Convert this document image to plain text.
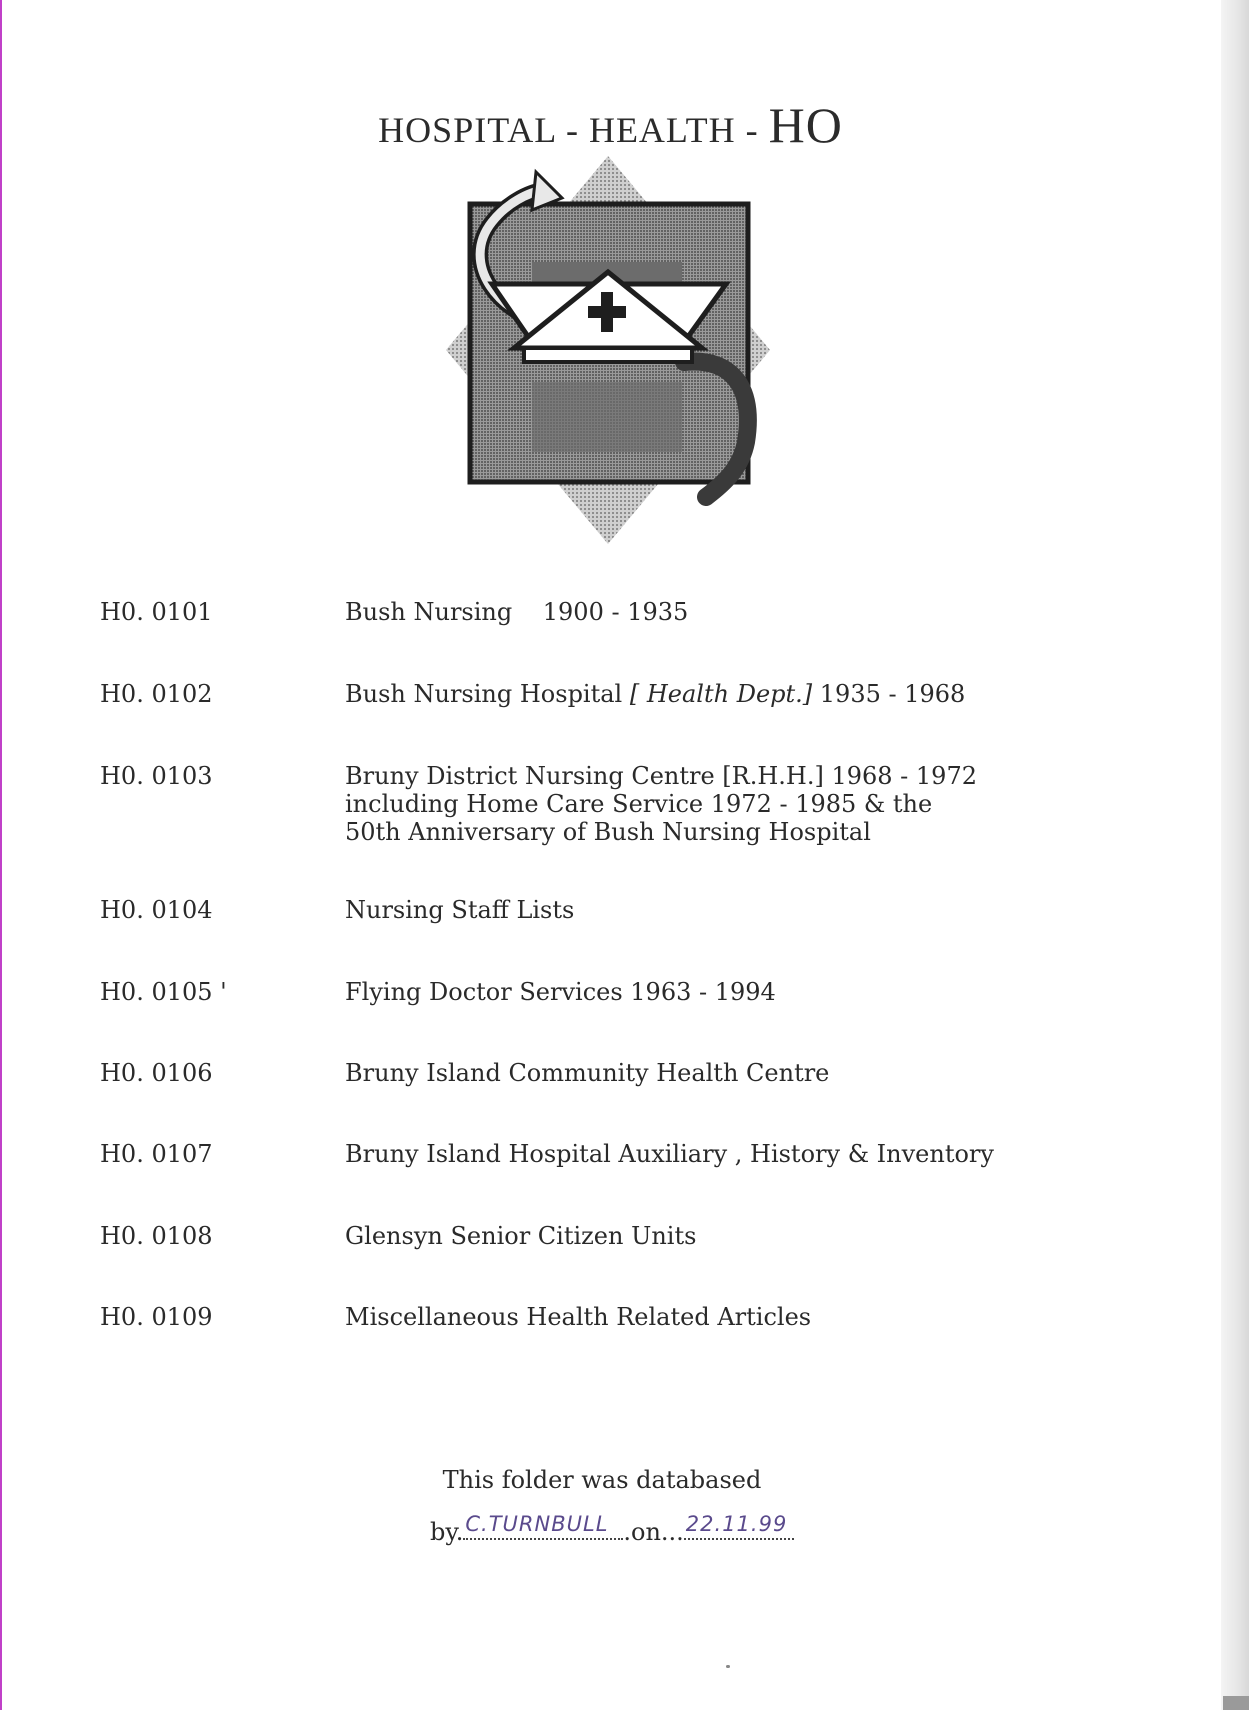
HOSPITAL - HEALTH - HO
H0. 0101	Bush Nursing    1900 - 1935
H0. 0102	Bush Nursing Hospital [ Health Dept.] 1935 - 1968
H0. 0103	Bruny District Nursing Centre [R.H.H.] 1968 - 1972
including Home Care Service 1972 - 1985 & the
50th Anniversary of Bush Nursing Hospital
H0. 0104	Nursing Staff Lists
H0. 0105 '	Flying Doctor Services 1963 - 1994
H0. 0106	Bruny Island Community Health Centre
H0. 0107	Bruny Island Hospital Auxiliary , History & Inventory
H0. 0108	Glensyn Senior Citizen Units
H0. 0109	Miscellaneous Health Related Articles
This folder was databased
by. C.TURNBULL .on... 22.11.99
